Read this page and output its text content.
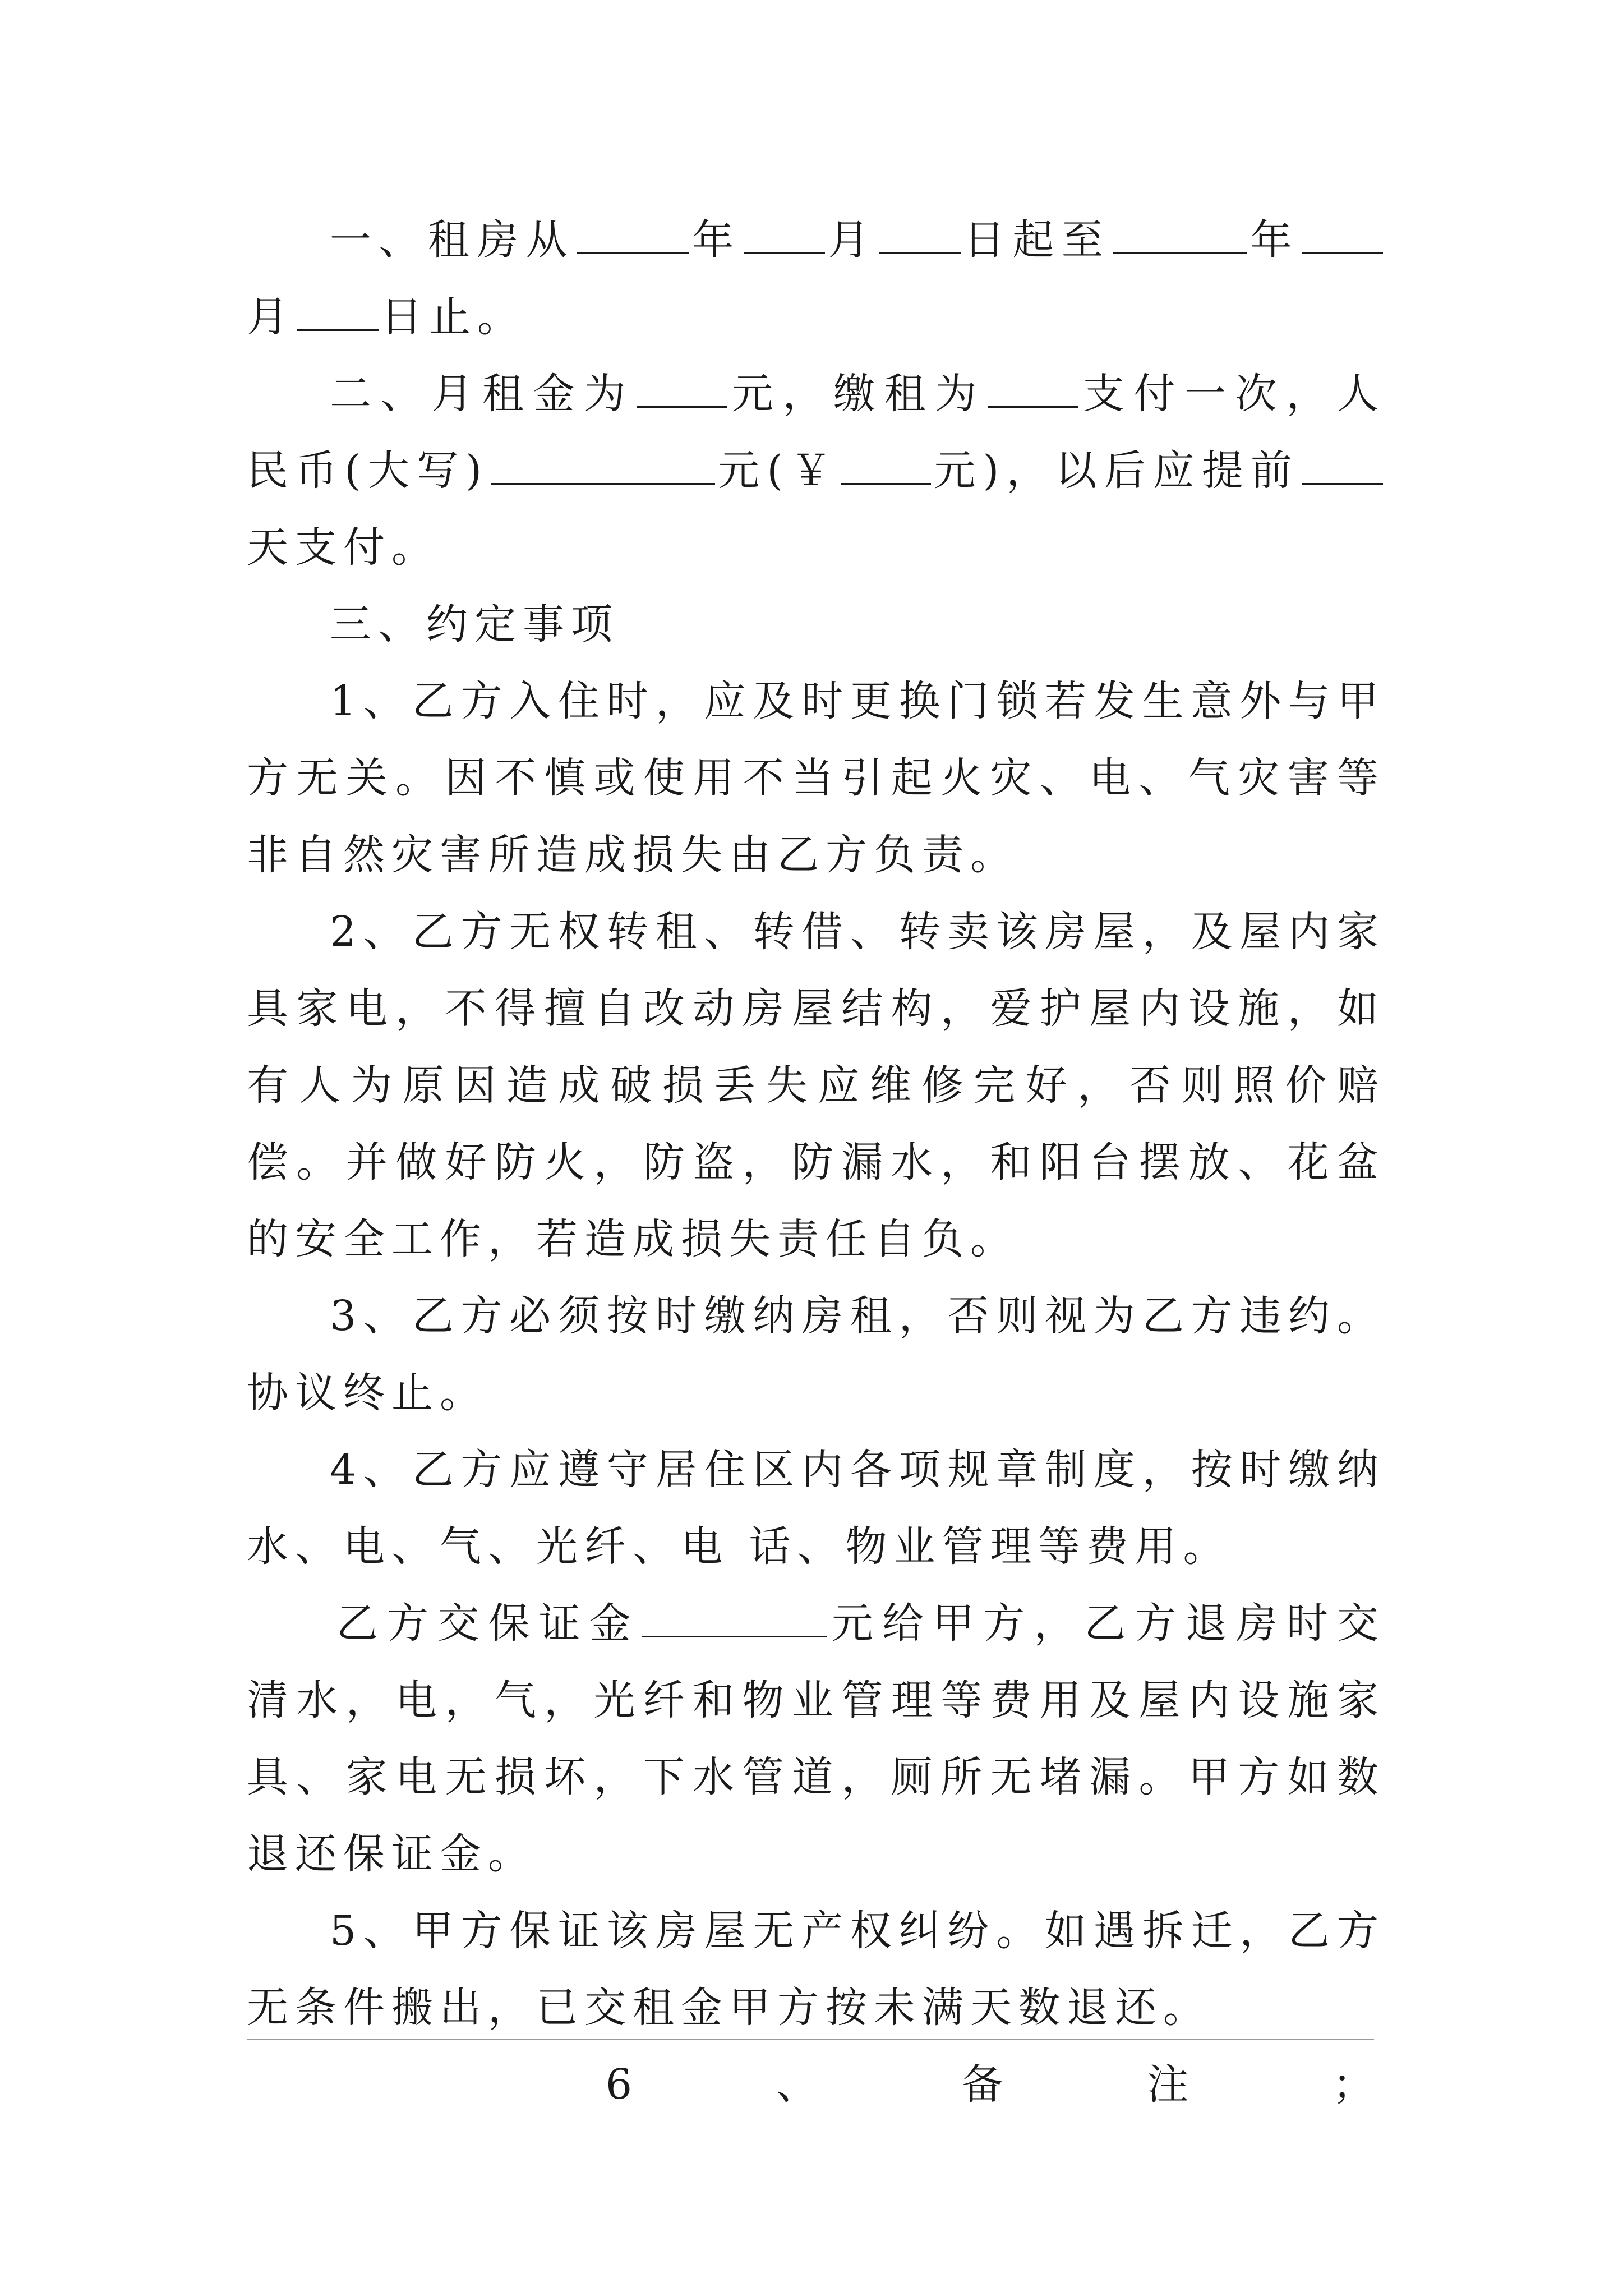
一、租房从	年 月 日起至	年月 日止。

二、月租金为 元，缴租为 支付一次，人民币(大写)	元(￥ 元)，以后应提前天支付。

三、约定事项

1、乙方入住时，应及时更换门锁若发生意外与甲方无关。因不慎或使用不当引起火灾、电、气灾害等非自然灾害所造成损失由乙方负责。

2、乙方无权转租、转借、转卖该房屋，及屋内家具家电，不得擅自改动房屋结构，爱护屋内设施，如有人为原因造成破损丢失应维修完好，否则照价赔偿。并做好防火，防盗，防漏水，和阳台摆放、花盆的安全工作，若造成损失责任自负。

3、乙方必须按时缴纳房租，否则视为乙方违约。协议终止。

4、乙方应遵守居住区内各项规章制度，按时缴纳水、电、气、光纤、电 话、物业管理等费用。

乙方交保证金	元给甲方，乙方退房时交清水，电，气，光纤和物业管理等费用及屋内设施家具、家电无损坏，下水管道，厕所无堵漏。甲方如数退还保证金。

5、甲方保证该房屋无产权纠纷。如遇拆迁，乙方无条件搬出，已交租金甲方按未满天数退还。

6	、	备	注	；
